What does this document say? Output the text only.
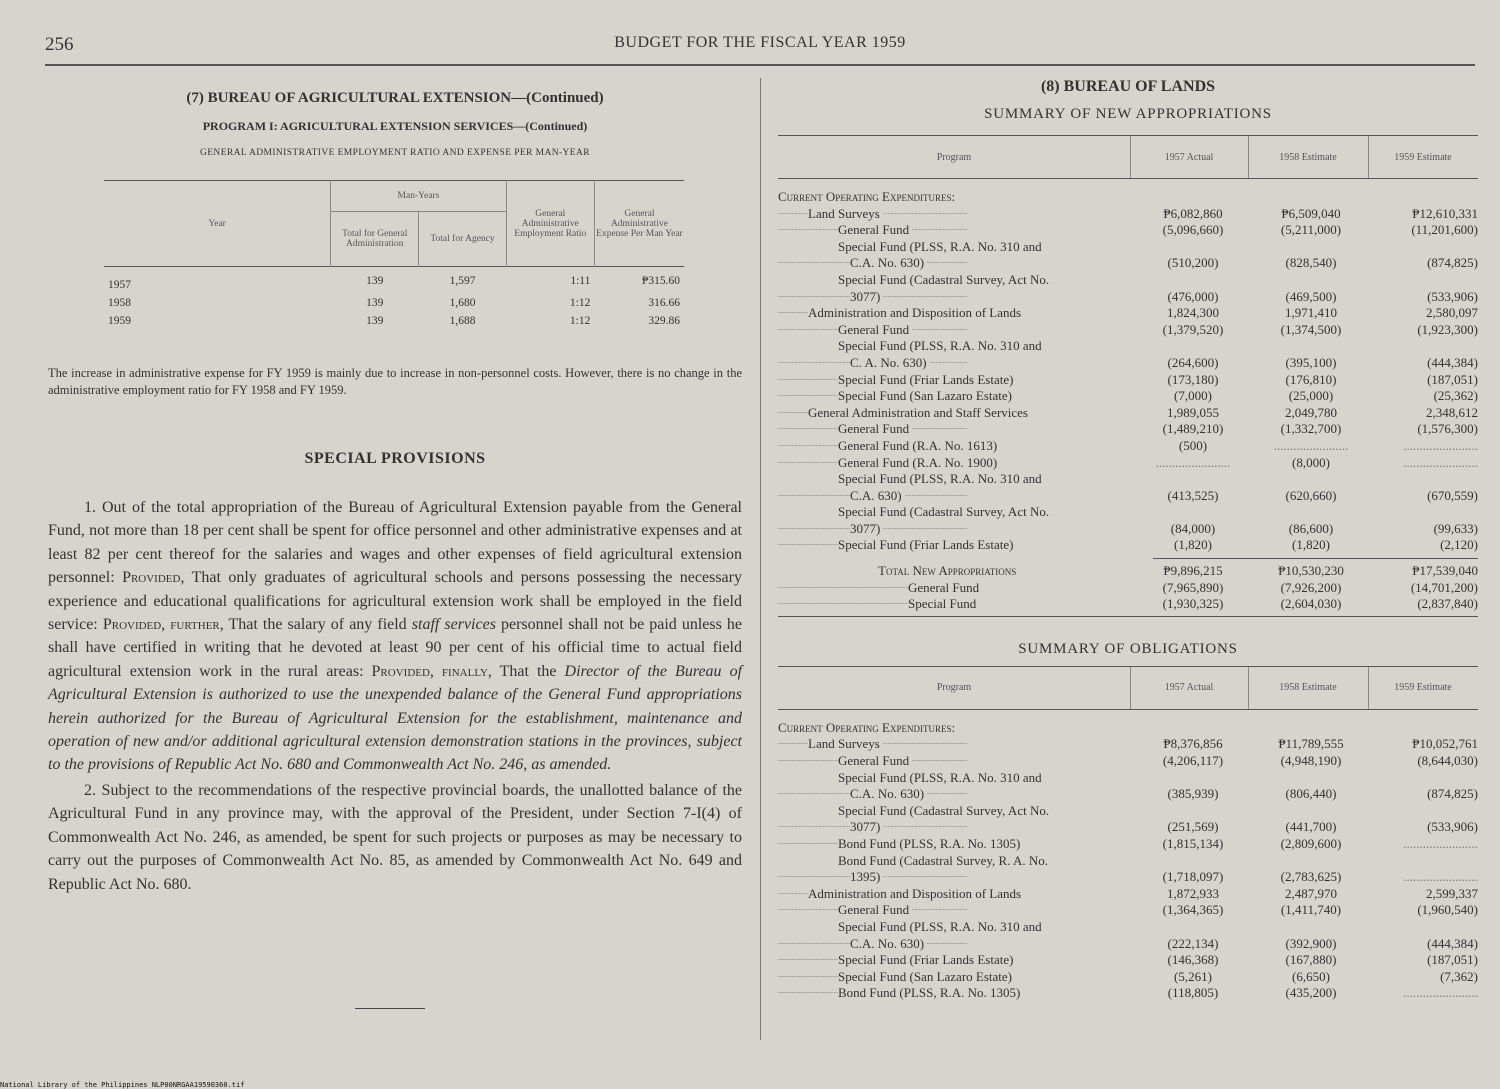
256	BUDGET FOR THE FISCAL YEAR 1959

(7) BUREAU OF AGRICULTURAL EXTENSION—(Continued)

PROGRAM I: AGRICULTURAL EXTENSION SERVICES—(Continued)

GENERAL ADMINISTRATIVE EMPLOYMENT RATIO AND EXPENSE PER MAN-YEAR

Year	Man-Years		General Administrative Employment Ratio	General Administrative Expense Per Man Year
	Total for General Administration	Total for Agency		
1957	139	1,597	1:11	₱315.60
1958	139	1,680	1:12	316.66
1959	139	1,688	1:12	329.86
The increase in administrative expense for FY 1959 is mainly due to increase in non-personnel costs. However, there is no change in the administrative employment ratio for FY 1958 and FY 1959.
SPECIAL PROVISIONS

1. Out of the total appropriation of the Bureau of Agricultural Extension payable from the General Fund, not more than 18 per cent shall be spent for office personnel and other administrative expenses and at least 82 per cent thereof for the salaries and wages and other expenses of field agricultural extension personnel: Provided, That only graduates of agricultural schools and persons possessing the necessary experience and educational qualifications for agricultural extension work shall be employed in the field service: Provided, further, That the salary of any field staff services personnel shall not be paid unless he shall have certified in writing that he devoted at least 90 per cent of his official time to actual field agricultural extension work in the rural areas: Provided, finally, That the Director of the Bureau of Agricultural Extension is authorized to use the unexpended balance of the General Fund appropriations herein authorized for the Bureau of Agricultural Extension for the establishment, maintenance and operation of new and/or additional agricultural extension demonstration stations in the provinces, subject to the provisions of Republic Act No. 680 and Commonwealth Act No. 246, as amended.

2. Subject to the recommendations of the respective provincial boards, the unallotted balance of the Agricultural Fund in any province may, with the approval of the President, under Section 7-I(4) of Commonwealth Act No. 246, as amended, be spent for such projects or purposes as may be necessary to carry out the purposes of Commonwealth Act No. 85, as amended by Commonwealth Act No. 649 and Republic Act No. 680.

(8) BUREAU OF LANDS
SUMMARY OF NEW APPROPRIATIONS
Program	1957 Actual	1958 Estimate	1959 Estimate
Current Operating Expenditures:
Land Surveys . . .	₱6,082,860	₱6,509,040	₱12,610,331
General Fund . . .	(5,096,660)	(5,211,000)	(11,201,600)
Special Fund (PLSS, R.A. No. 310 and
C.A. No. 630) . . .	(510,200)	(828,540)	(874,825)
Special Fund (Cadastral Survey, Act No.
3077) . . .	(476,000)	(469,500)	(533,906)
Administration and Disposition of Lands . . .	1,824,300	1,971,410	2,580,097
General Fund . . .	(1,379,520)	(1,374,500)	(1,923,300)
Special Fund (PLSS, R.A. No. 310 and
C. A. No. 630) . . .	(264,600)	(395,100)	(444,384)
Special Fund (Friar Lands Estate) . . .	(173,180)	(176,810)	(187,051)
Special Fund (San Lazaro Estate) . . .	(7,000)	(25,000)	(25,362)
General Administration and Staff Services . . .	1,989,055	2,049,780	2,348,612
General Fund . . .	(1,489,210)	(1,332,700)	(1,576,300)
General Fund (R.A. No. 1613) . . .	(500)	.......................	.......................
General Fund (R.A. No. 1900) . . .	.......................	(8,000)	.......................
Special Fund (PLSS, R.A. No. 310 and
C.A. 630) . . .	(413,525)	(620,660)	(670,559)
Special Fund (Cadastral Survey, Act No.
3077) . . .	(84,000)	(86,600)	(99,633)
Special Fund (Friar Lands Estate) . . .	(1,820)	(1,820)	(2,120)
Total New Appropriations	₱9,896,215	₱10,530,230	₱17,539,040
General Fund . . .	(7,965,890)	(7,926,200)	(14,701,200)
Special Fund . . .	(1,930,325)	(2,604,030)	(2,837,840)
SUMMARY OF OBLIGATIONS
Program	1957 Actual	1958 Estimate	1959 Estimate
Current Operating Expenditures:
Land Surveys . . .	₱8,376,856	₱11,789,555	₱10,052,761
General Fund . . .	(4,206,117)	(4,948,190)	(8,644,030)
Special Fund (PLSS, R.A. No. 310 and
C.A. No. 630) . . .	(385,939)	(806,440)	(874,825)
Special Fund (Cadastral Survey, Act No.
3077) . . .	(251,569)	(441,700)	(533,906)
Bond Fund (PLSS, R.A. No. 1305) . . .	(1,815,134)	(2,809,600)	.......................
Bond Fund (Cadastral Survey, R. A. No.
1395) . . .	(1,718,097)	(2,783,625)	.......................
Administration and Disposition of Lands . . .	1,872,933	2,487,970	2,599,337
General Fund . . .	(1,364,365)	(1,411,740)	(1,960,540)
Special Fund (PLSS, R.A. No. 310 and
C.A. No. 630) . . .	(222,134)	(392,900)	(444,384)
Special Fund (Friar Lands Estate) . . .	(146,368)	(167,880)	(187,051)
Special Fund (San Lazaro Estate) . . .	(5,261)	(6,650)	(7,362)
Bond Fund (PLSS, R.A. No. 1305) . . .	(118,805)	(435,200)	.......................
National Library of the Philippines NLP00NRGAA19590360.tif
